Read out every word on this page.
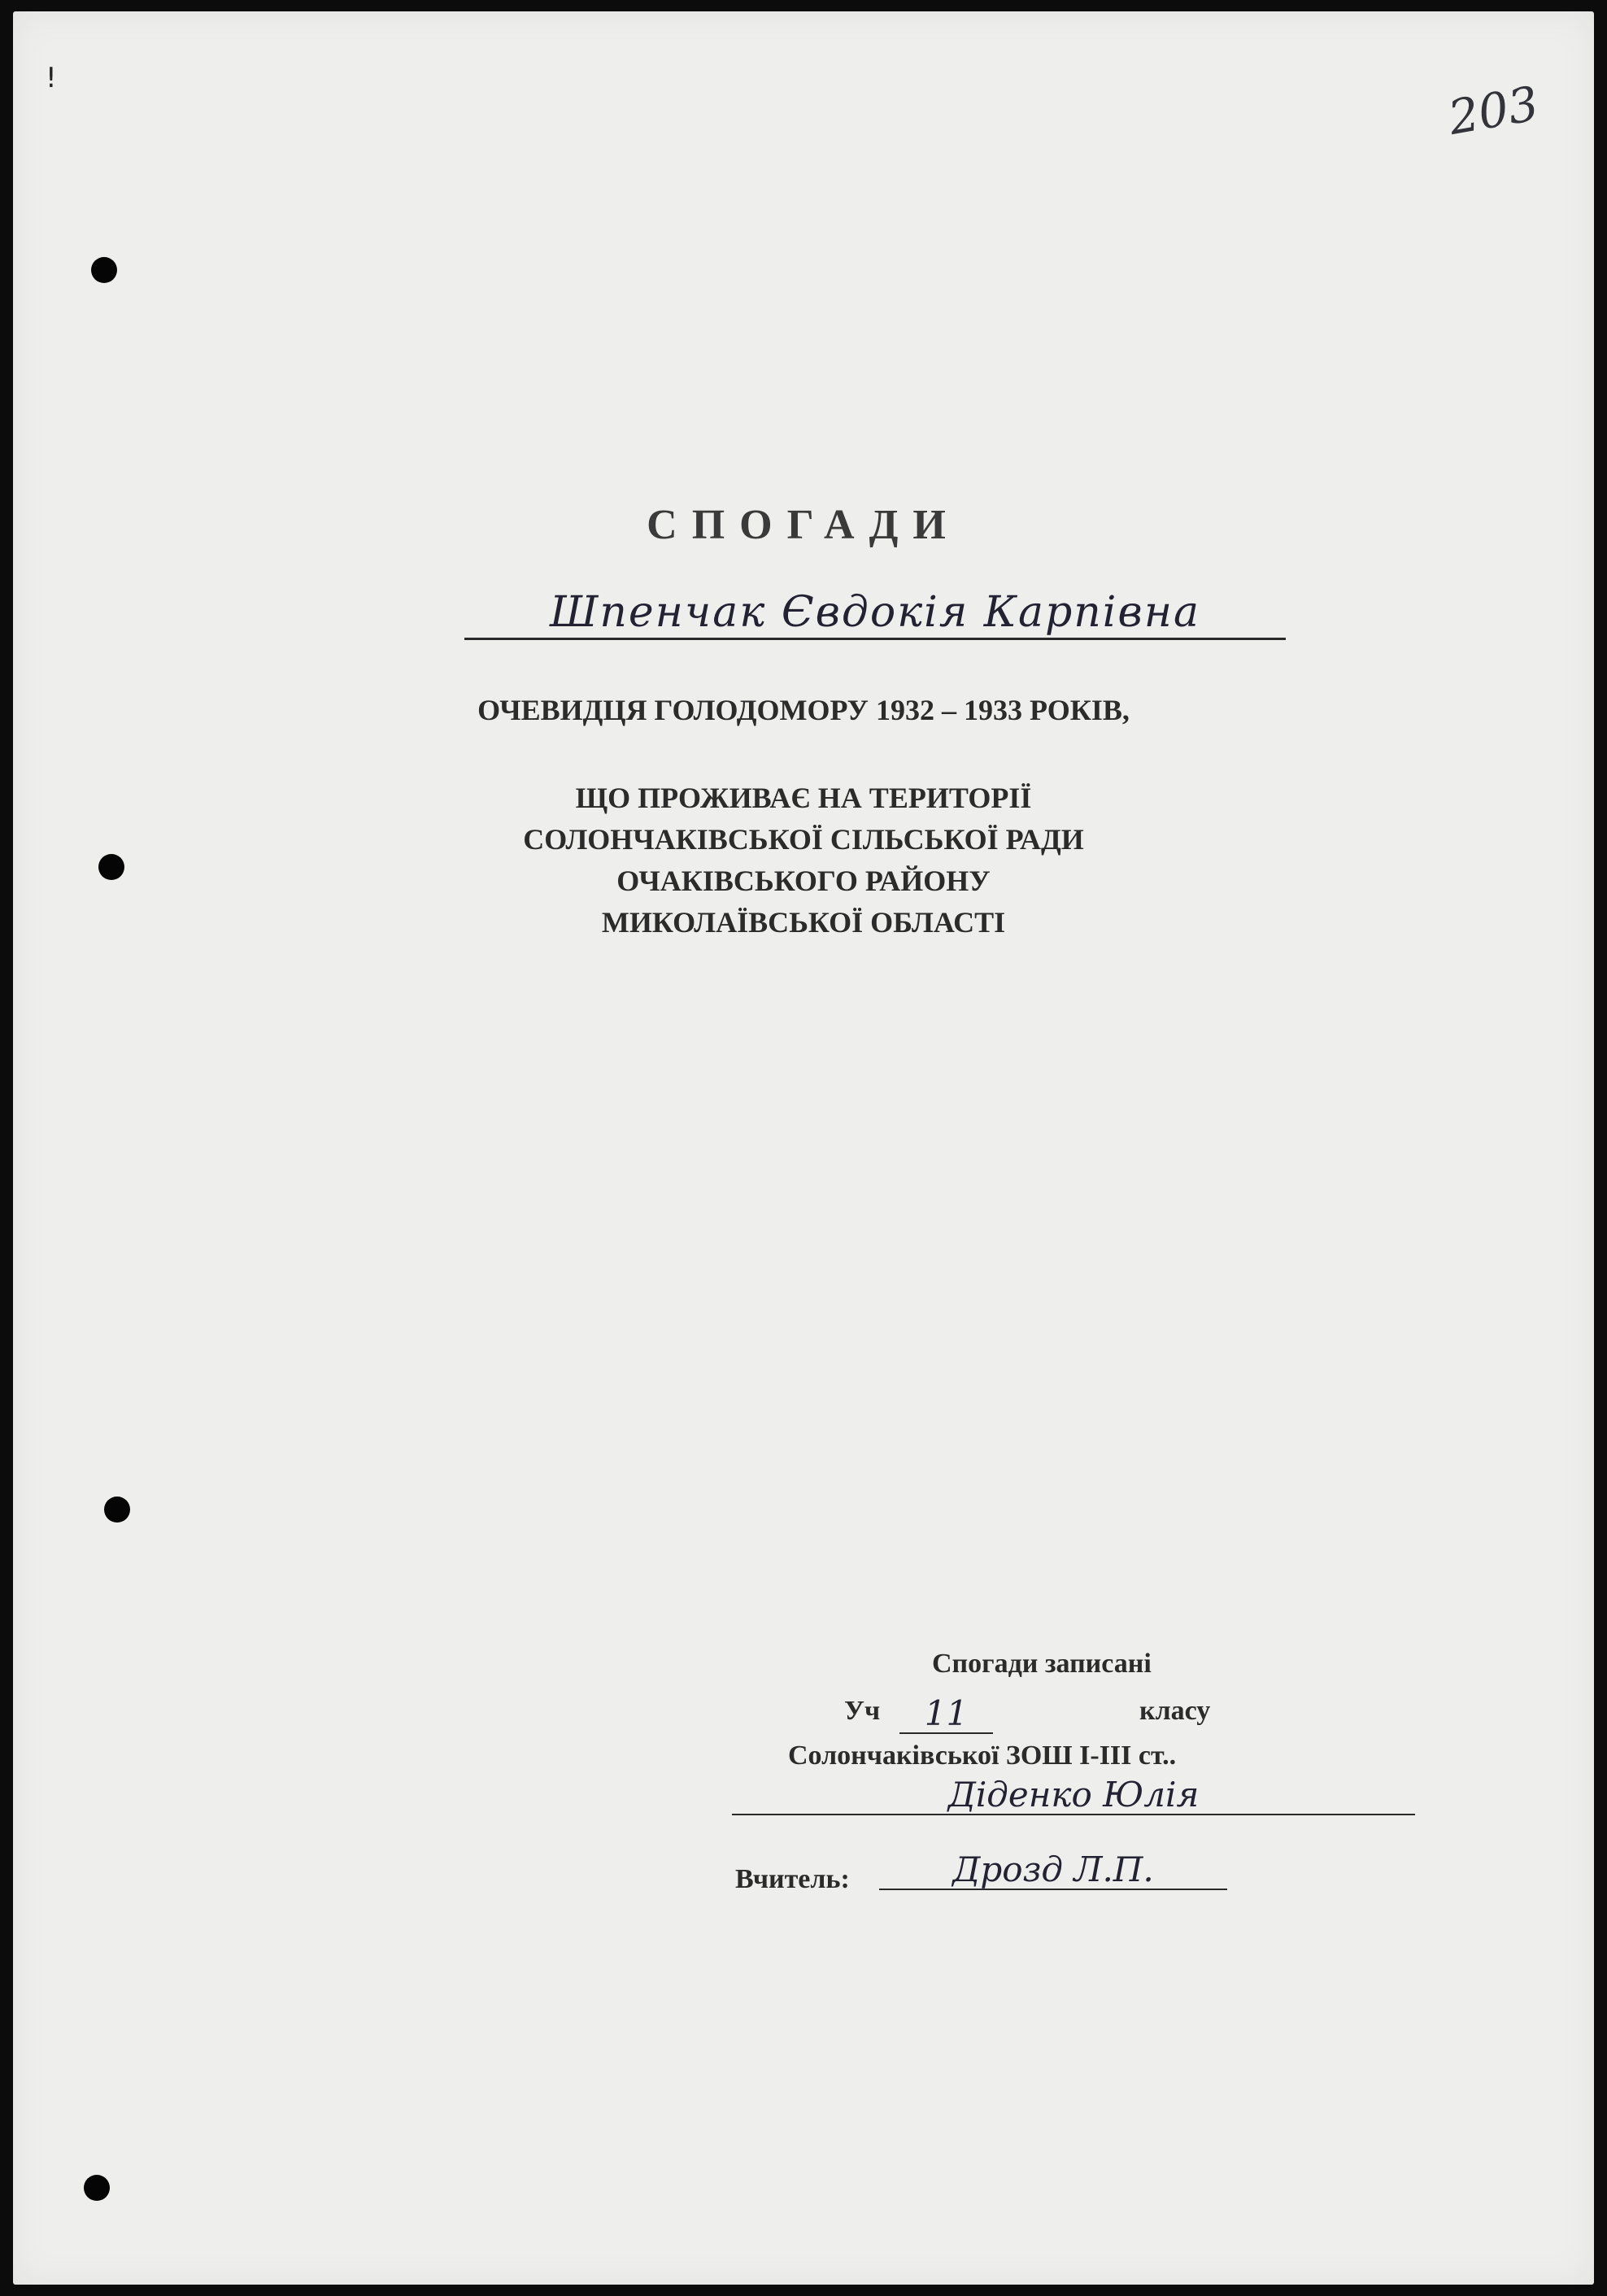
203
!
СПОГАДИ
Шпенчак Євдокія Карпівна
ОЧЕВИДЦЯ ГОЛОДОМОРУ 1932 – 1933 РОКІВ,
ЩО ПРОЖИВАЄ НА ТЕРИТОРІЇ
СОЛОНЧАКІВСЬКОЇ СІЛЬСЬКОЇ РАДИ
ОЧАКІВСЬКОГО РАЙОНУ
МИКОЛАЇВСЬКОЇ ОБЛАСТІ
Спогади записані
Уч	11	класу
Солончаківської ЗОШ І-ІІІ ст..
Діденко Юлія
Вчитель:	Дрозд Л.П.
